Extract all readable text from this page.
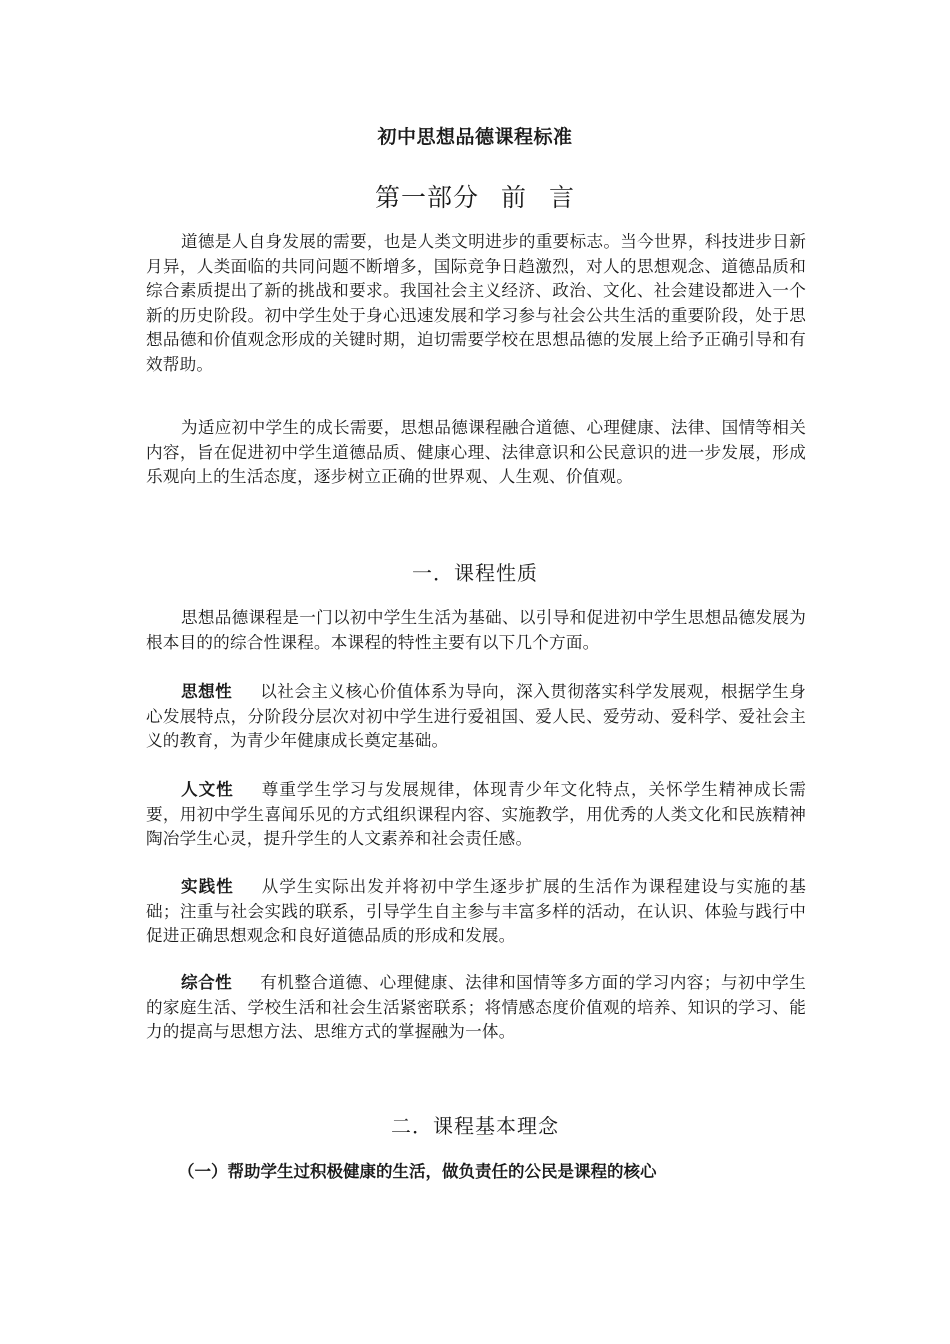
初中思想品德课程标准
第一部分 前 言

道德是人自身发展的需要，也是人类文明进步的重要标志。当今世界，科技进步日新月异，人类面临的共同问题不断增多，国际竞争日趋激烈，对人的思想观念、道德品质和综合素质提出了新的挑战和要求。我国社会主义经济、政治、文化、社会建设都进入一个新的历史阶段。初中学生处于身心迅速发展和学习参与社会公共生活的重要阶段，处于思想品德和价值观念形成的关键时期，迫切需要学校在思想品德的发展上给予正确引导和有效帮助。

为适应初中学生的成长需要，思想品德课程融合道德、心理健康、法律、国情等相关内容，旨在促进初中学生道德品质、健康心理、法律意识和公民意识的进一步发展，形成乐观向上的生活态度，逐步树立正确的世界观、人生观、价值观。

一．课程性质

思想品德课程是一门以初中学生生活为基础、以引导和促进初中学生思想品德发展为根本目的的综合性课程。本课程的特性主要有以下几个方面。

思想性 以社会主义核心价值体系为导向，深入贯彻落实科学发展观，根据学生身心发展特点，分阶段分层次对初中学生进行爱祖国、爱人民、爱劳动、爱科学、爱社会主义的教育，为青少年健康成长奠定基础。

人文性 尊重学生学习与发展规律，体现青少年文化特点，关怀学生精神成长需要，用初中学生喜闻乐见的方式组织课程内容、实施教学，用优秀的人类文化和民族精神陶冶学生心灵，提升学生的人文素养和社会责任感。

实践性 从学生实际出发并将初中学生逐步扩展的生活作为课程建设与实施的基础；注重与社会实践的联系，引导学生自主参与丰富多样的活动，在认识、体验与践行中促进正确思想观念和良好道德品质的形成和发展。

综合性 有机整合道德、心理健康、法律和国情等多方面的学习内容；与初中学生的家庭生活、学校生活和社会生活紧密联系；将情感态度价值观的培养、知识的学习、能力的提高与思想方法、思维方式的掌握融为一体。

二．课程基本理念
（一）帮助学生过积极健康的生活，做负责任的公民是课程的核心
